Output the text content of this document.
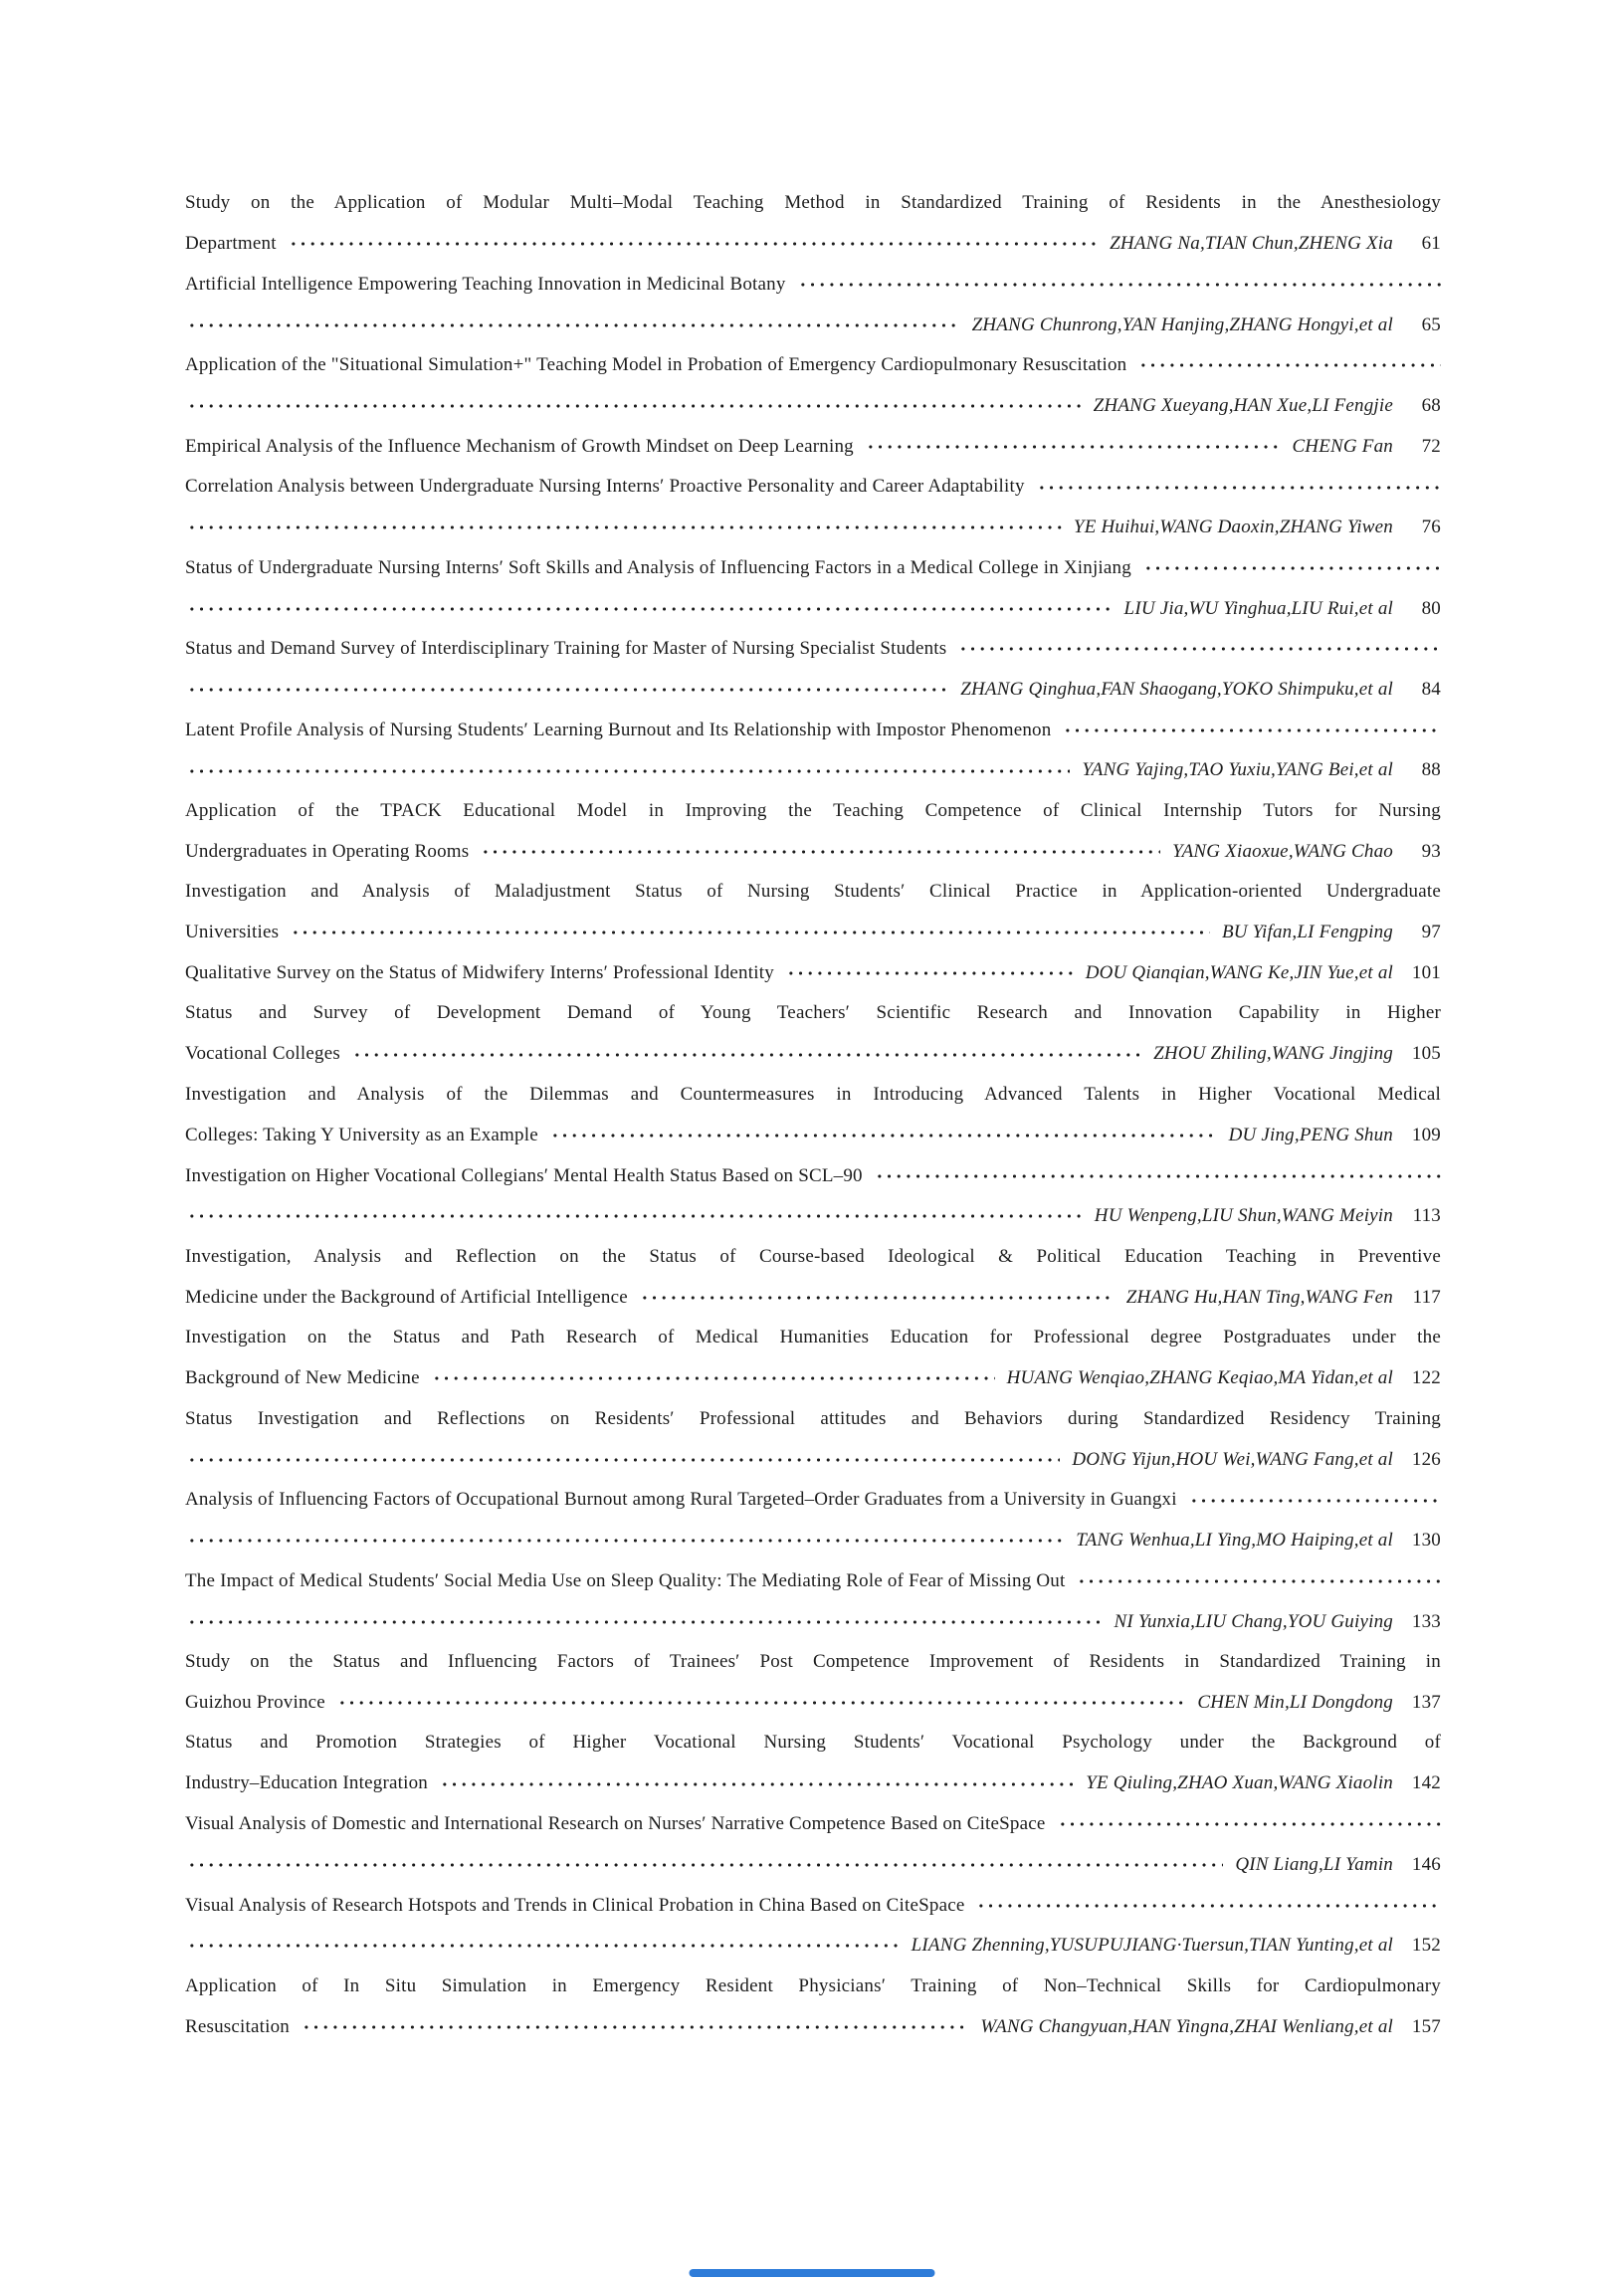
Study on the Application of Modular Multi–Modal Teaching Method in Standardized Training of Residents in the Anesthesiology
Department	ZHANG Na,TIAN Chun,ZHENG Xia	61
Artificial Intelligence Empowering Teaching Innovation in Medicinal Botany
ZHANG Chunrong,YAN Hanjing,ZHANG Hongyi,et al	65
Application of the "Situational Simulation+" Teaching Model in Probation of Emergency Cardiopulmonary Resuscitation
ZHANG Xueyang,HAN Xue,LI Fengjie	68
Empirical Analysis of the Influence Mechanism of Growth Mindset on Deep Learning	CHENG Fan	72
Correlation Analysis between Undergraduate Nursing Interns′ Proactive Personality and Career Adaptability
YE Huihui,WANG Daoxin,ZHANG Yiwen	76
Status of Undergraduate Nursing Interns′ Soft Skills and Analysis of Influencing Factors in a Medical College in Xinjiang
LIU Jia,WU Yinghua,LIU Rui,et al	80
Status and Demand Survey of Interdisciplinary Training for Master of Nursing Specialist Students
ZHANG Qinghua,FAN Shaogang,YOKO Shimpuku,et al	84
Latent Profile Analysis of Nursing Students′ Learning Burnout and Its Relationship with Impostor Phenomenon
YANG Yajing,TAO Yuxiu,YANG Bei,et al	88
Application of the TPACK Educational Model in Improving the Teaching Competence of Clinical Internship Tutors for Nursing
Undergraduates in Operating Rooms	YANG Xiaoxue,WANG Chao	93
Investigation and Analysis of Maladjustment Status of Nursing Students′ Clinical Practice in Application-oriented Undergraduate
Universities	BU Yifan,LI Fengping	97
Qualitative Survey on the Status of Midwifery Interns′ Professional Identity	DOU Qianqian,WANG Ke,JIN Yue,et al 101
Status and Survey of Development Demand of Young Teachers′ Scientific Research and Innovation Capability in Higher
Vocational Colleges	ZHOU Zhiling,WANG Jingjing 105
Investigation and Analysis of the Dilemmas and Countermeasures in Introducing Advanced Talents in Higher Vocational Medical
Colleges: Taking Y University as an Example	DU Jing,PENG Shun 109
Investigation on Higher Vocational Collegians′ Mental Health Status Based on SCL–90
HU Wenpeng,LIU Shun,WANG Meiyin	113
Investigation, Analysis and Reflection on the Status of Course-based Ideological & Political Education Teaching in Preventive
Medicine under the Background of Artificial Intelligence	ZHANG Hu,HAN Ting,WANG Fen	117
Investigation on the Status and Path Research of Medical Humanities Education for Professional degree Postgraduates under the
Background of New Medicine	HUANG Wenqiao,ZHANG Keqiao,MA Yidan,et al 122
Status Investigation and Reflections on Residents′ Professional attitudes and Behaviors during Standardized Residency Training
DONG Yijun,HOU Wei,WANG Fang,et al 126
Analysis of Influencing Factors of Occupational Burnout among Rural Targeted–Order Graduates from a University in Guangxi
TANG Wenhua,LI Ying,MO Haiping,et al 130
The Impact of Medical Students′ Social Media Use on Sleep Quality: The Mediating Role of Fear of Missing Out
NI Yunxia,LIU Chang,YOU Guiying 133
Study on the Status and Influencing Factors of Trainees′ Post Competence Improvement of Residents in Standardized Training in
Guizhou Province	CHEN Min,LI Dongdong 137
Status and Promotion Strategies of Higher Vocational Nursing Students′ Vocational Psychology under the Background of
Industry–Education Integration	YE Qiuling,ZHAO Xuan,WANG Xiaolin 142
Visual Analysis of Domestic and International Research on Nurses′ Narrative Competence Based on CiteSpace
QIN Liang,LI Yamin 146
Visual Analysis of Research Hotspots and Trends in Clinical Probation in China Based on CiteSpace
LIANG Zhenning,YUSUPUJIANG·Tuersun,TIAN Yunting,et al 152
Application of In Situ Simulation in Emergency Resident Physicians′ Training of Non–Technical Skills for Cardiopulmonary
Resuscitation	WANG Changyuan,HAN Yingna,ZHAI Wenliang,et al 157
